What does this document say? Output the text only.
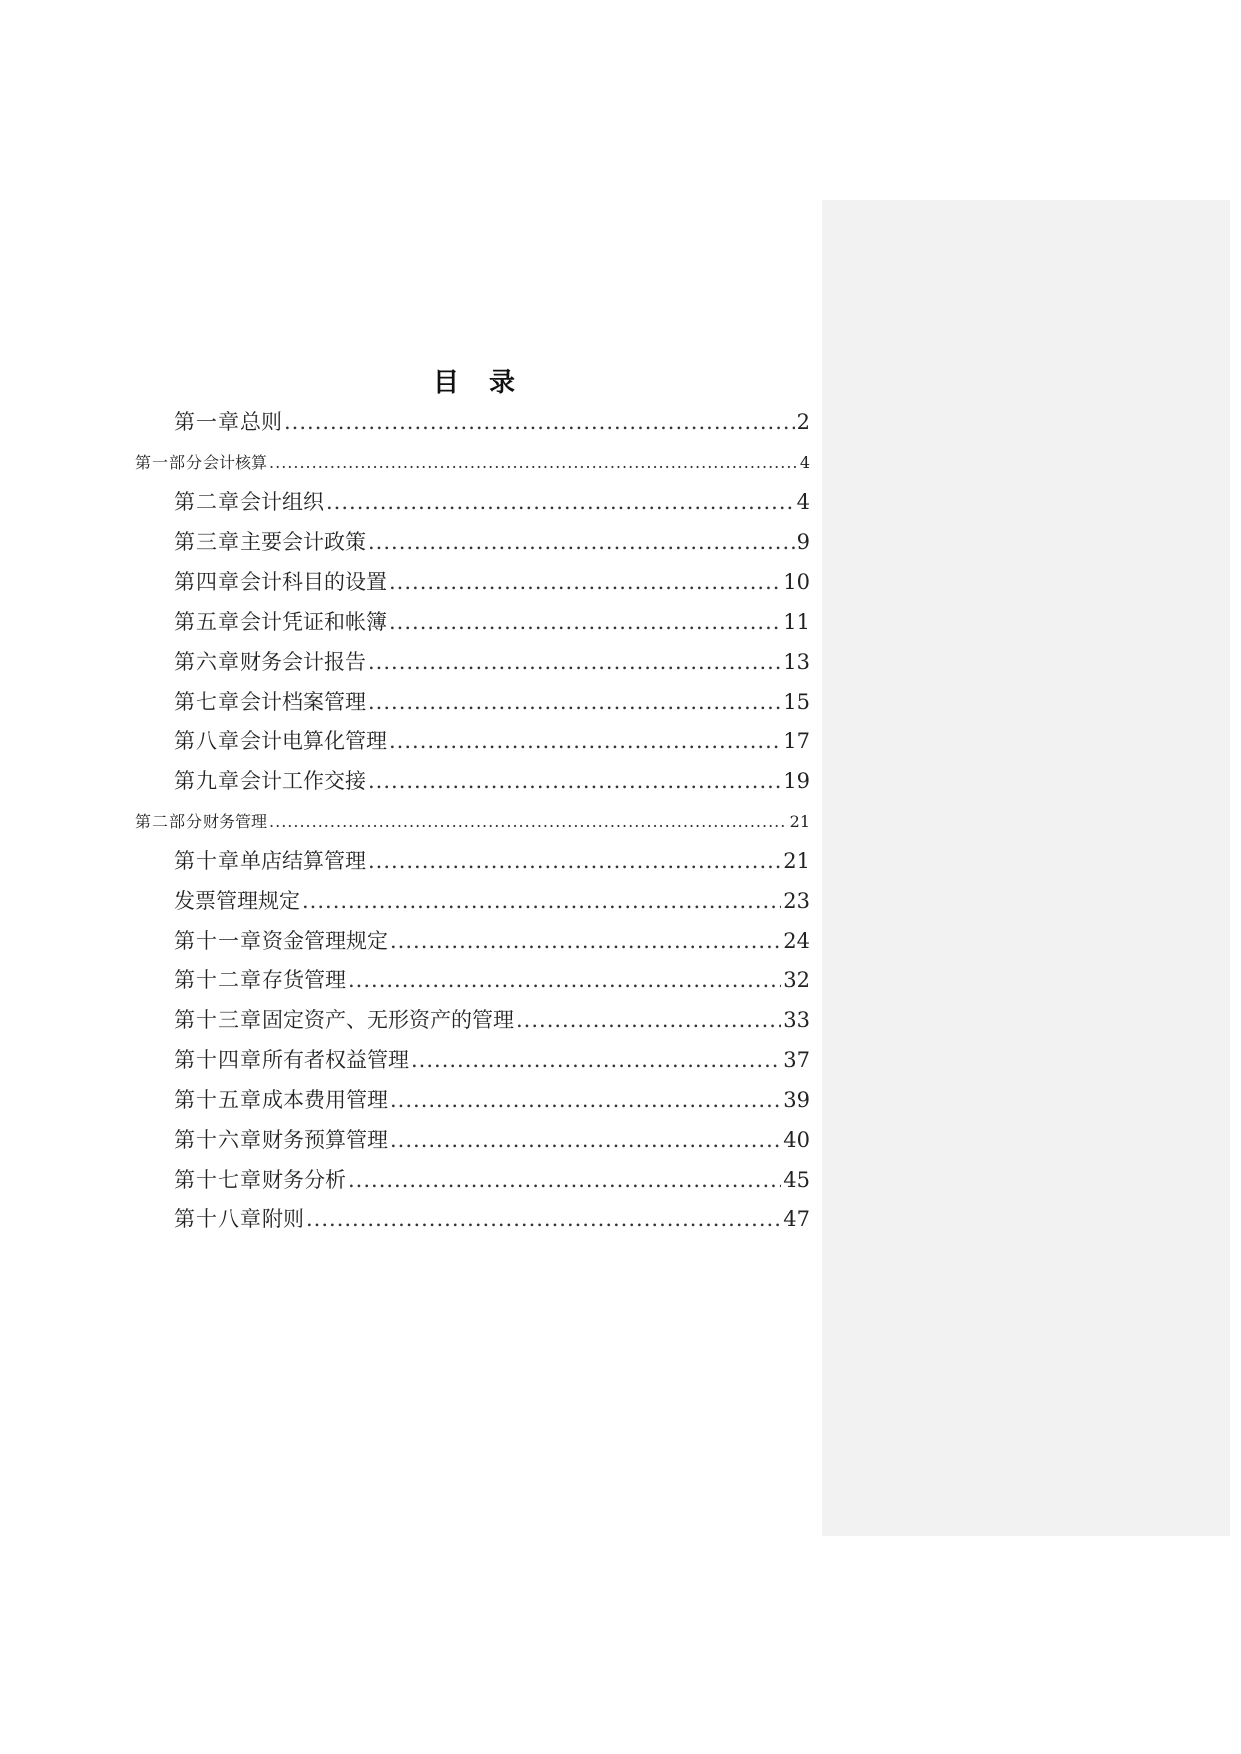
目　录
第一章 总则 .....	2
第一部分 会计核算 .....	4
第二章 会计组织 .....	4
第三章 主要会计政策 .....	9
第四章 会计科目的设置 .....	10
第五章 会计凭证和帐簿 .....	11
第六章 财务会计报告 .....	13
第七章 会计档案管理 .....	15
第八章 会计电算化管理 .....	17
第九章 会计工作交接 .....	19
第二部分 财务管理 .....	21
第十章 单店结算管理 .....	21
发票管理规定 .....	23
第十一章 资金管理规定 .....	24
第十二章 存货管理 .....	32
第十三章 固定资产、无形资产的管理 .....	33
第十四章 所有者权益管理 .....	37
第十五章 成本费用管理 .....	39
第十六章 财务预算管理 .....	40
第十七章 财务分析 .....	45
第十八章 附则 .....	47
